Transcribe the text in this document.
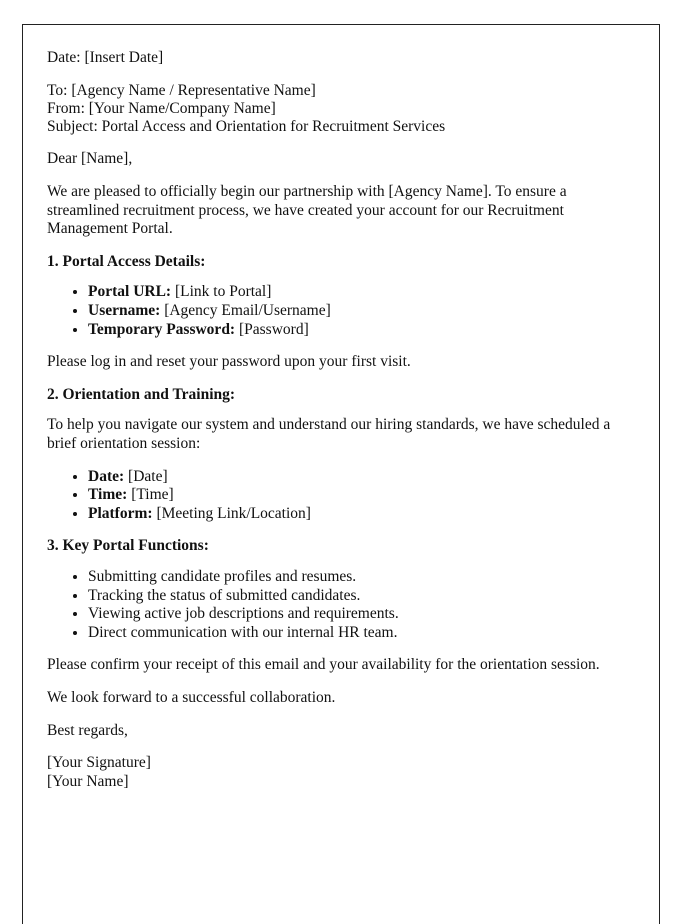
Date: [Insert Date]

To: [Agency Name / Representative Name]

From: [Your Name/Company Name]

Subject: Portal Access and Orientation for Recruitment Services

Dear [Name],

We are pleased to officially begin our partnership with [Agency Name]. To ensure a streamlined recruitment process, we have created your account for our Recruitment Management Portal.

1. Portal Access Details:
• Portal URL: [Link to Portal]
• Username: [Agency Email/Username]
• Temporary Password: [Password]

Please log in and reset your password upon your first visit.

2. Orientation and Training:

To help you navigate our system and understand our hiring standards, we have scheduled a brief orientation session:

• Date: [Date]
• Time: [Time]
• Platform: [Meeting Link/Location]
3. Key Portal Functions:
• Submitting candidate profiles and resumes.
• Tracking the status of submitted candidates.
• Viewing active job descriptions and requirements.
• Direct communication with our internal HR team.

Please confirm your receipt of this email and your availability for the orientation session.

We look forward to a successful collaboration.

Best regards,

[Your Signature]

[Your Name]
